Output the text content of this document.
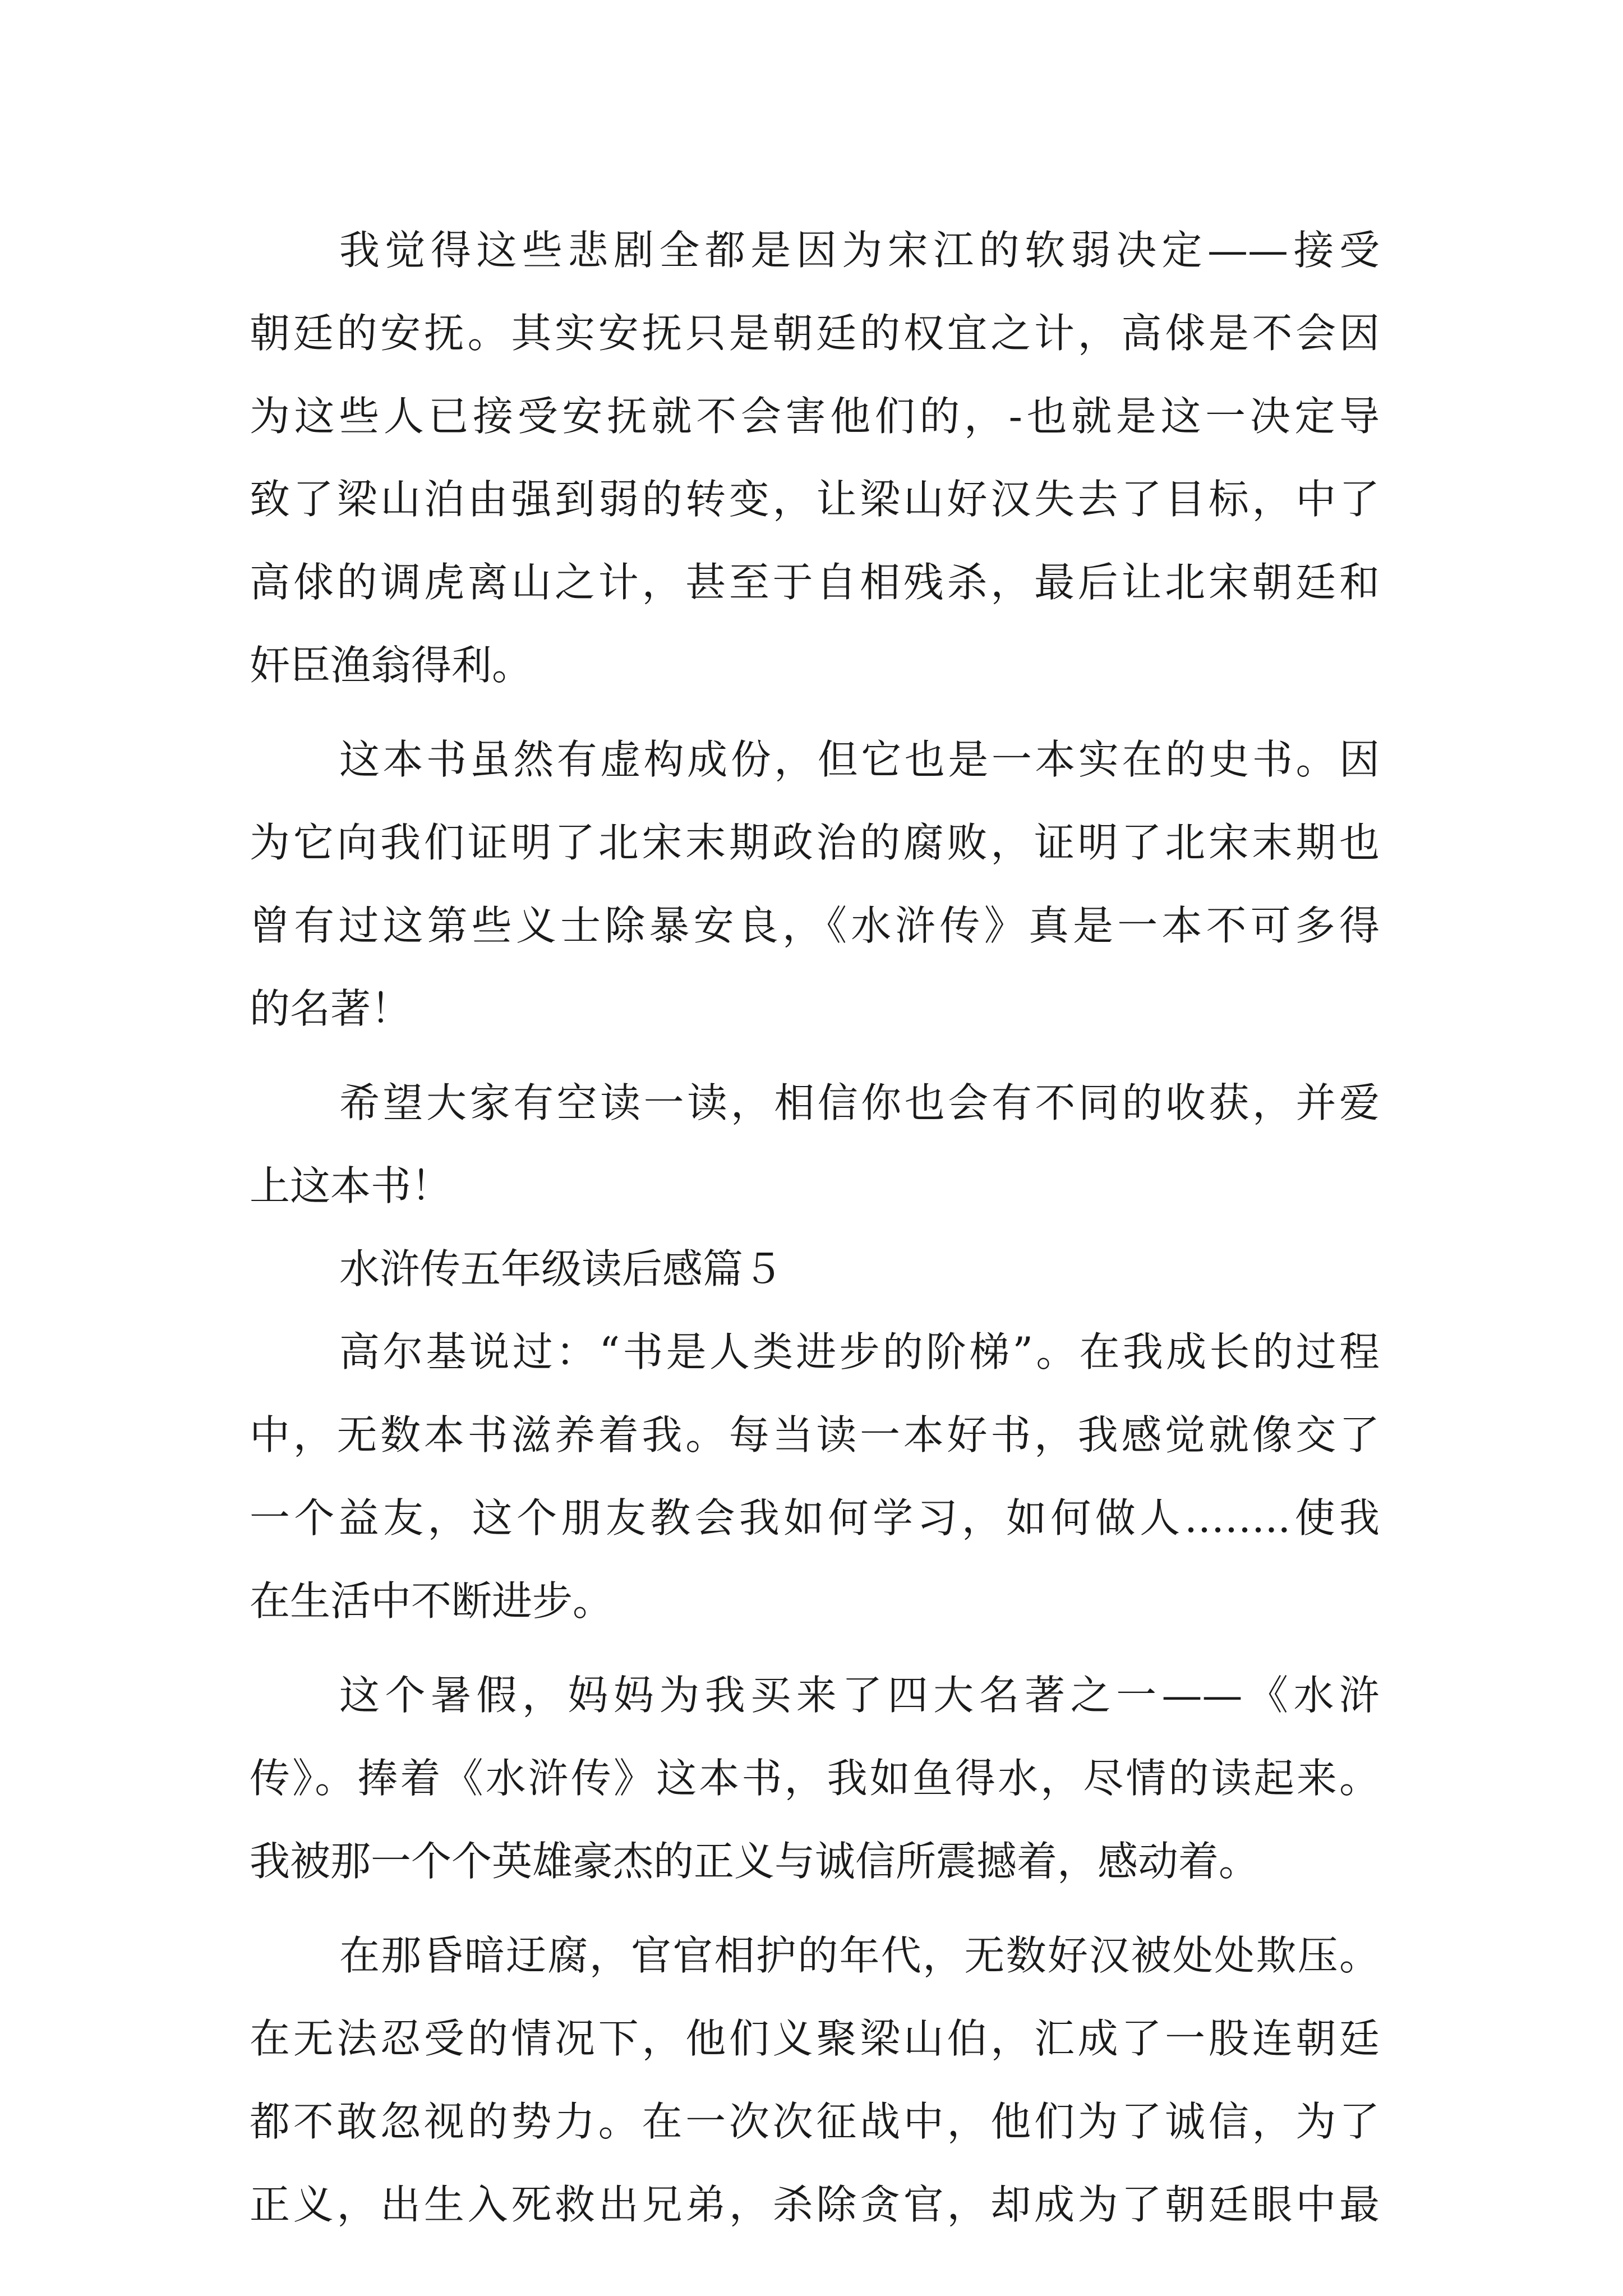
我觉得这些悲剧全都是因为宋江的软弱决定——接受
朝廷的安抚。其实安抚只是朝廷的权宜之计，高俅是不会因
为这些人已接受安抚就不会害他们的，-也就是这一决定导
致了梁山泊由强到弱的转变，让梁山好汉失去了目标，中了
高俅的调虎离山之计，甚至于自相残杀，最后让北宋朝廷和
奸臣渔翁得利。
这本书虽然有虚构成份，但它也是一本实在的史书。因
为它向我们证明了北宋末期政治的腐败，证明了北宋末期也
曾有过这第些义士除暴安良，《水浒传》真是一本不可多得
的名著！
希望大家有空读一读，相信你也会有不同的收获，并爱
上这本书！
水浒传五年级读后感篇５
高尔基说过：“书是人类进步的阶梯”。在我成长的过程
中，无数本书滋养着我。每当读一本好书，我感觉就像交了
一个益友，这个朋友教会我如何学习，如何做人……..使我
在生活中不断进步。
这个暑假，妈妈为我买来了四大名著之一——《水浒
传》。捧着《水浒传》这本书，我如鱼得水，尽情的读起来。
我被那一个个英雄豪杰的正义与诚信所震撼着，感动着。
在那昏暗迂腐，官官相护的年代，无数好汉被处处欺压。
在无法忍受的情况下，他们义聚梁山伯，汇成了一股连朝廷
都不敢忽视的势力。在一次次征战中，他们为了诚信，为了
正义，出生入死救出兄弟，杀除贪官，却成为了朝廷眼中最
